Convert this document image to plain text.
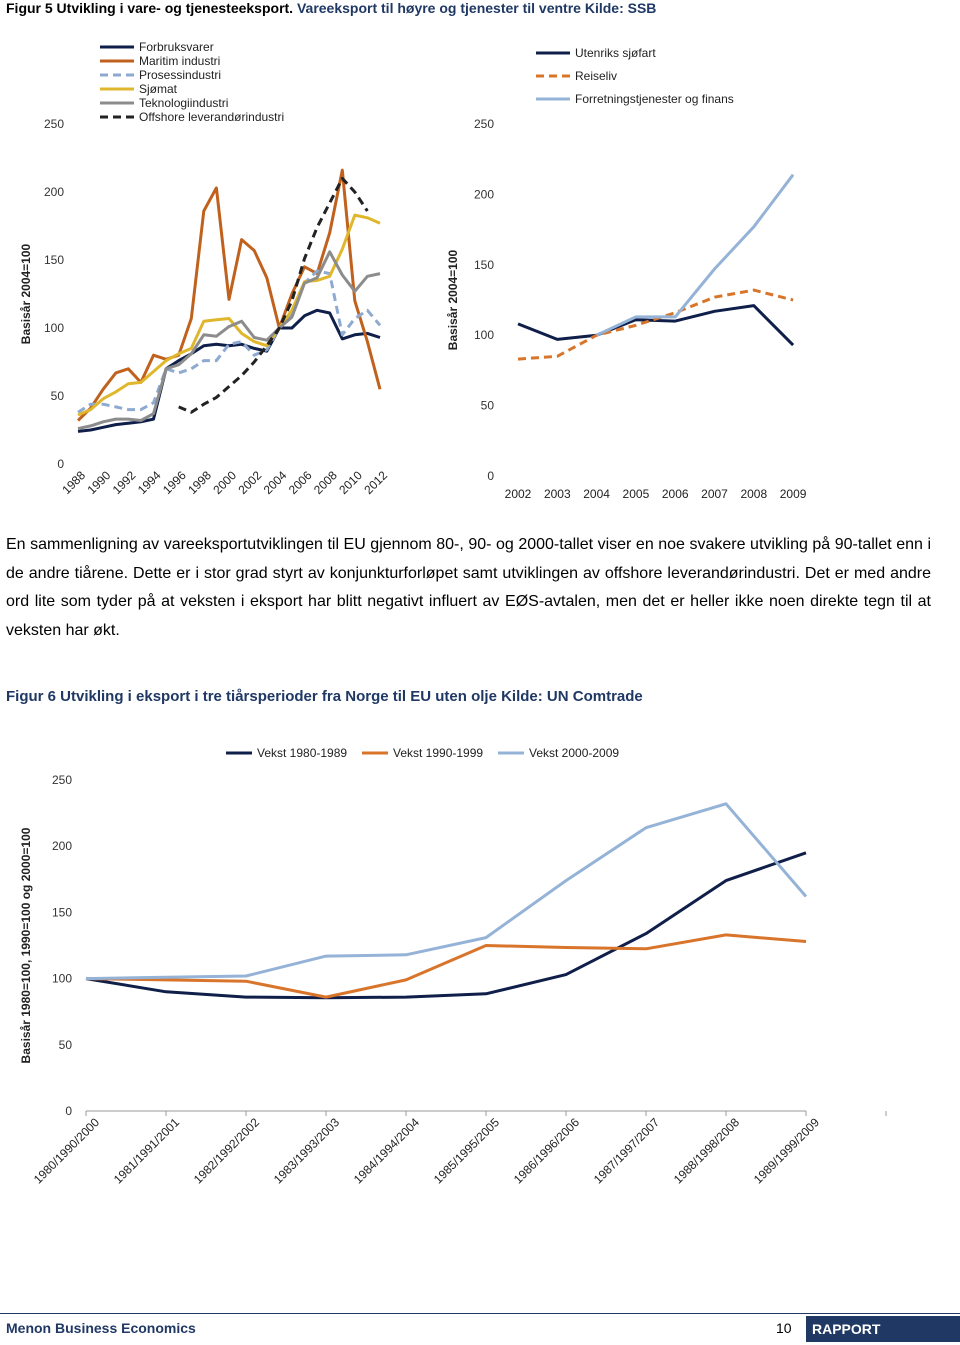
Figur 5 Utvikling i vare- og tjenesteeksport. Vareeksport til høyre og tjenester til ventre Kilde: SSB
0
50
100
150
200
250
Basisår 2004=100
1988
1990
1992
1994
1996
1998
2000
2002
2004
2006
2008
2010
2012
Forbruksvarer
Maritim industri
Prosessindustri
Sjømat
Teknologiindustri
Offshore leverandørindustri
0
50
100
150
200
250
Basisår 2004=100
2002 2003 2004 2005 2006 2007 2008 2009
Utenriks sjøfart
Reiseliv
Forretningstjenester og finans
En sammenligning av vareeksportutviklingen til EU gjennom 80-, 90- og 2000-tallet viser en noe svakere utvikling på 90-tallet enn i de andre tiårene. Dette er i stor grad styrt av konjunkturforløpet samt utviklingen av offshore leverandørindustri. Det er med andre ord lite som tyder på at veksten i eksport har blitt negativt influert av EØS-avtalen, men det er heller ikke noen direkte tegn til at veksten har økt.
Figur 6 Utvikling i eksport i tre tiårsperioder fra Norge til EU uten olje Kilde: UN Comtrade
0
50
100
150
200
250
Basisår 1980=100, 1990=100 og 2000=100
1980/1990/2000 1981/1991/2001 1982/1992/2002 1983/1993/2003 1984/1994/2004 1985/1995/2005 1986/1996/2006 1987/1997/2007 1988/1998/2008 1989/1999/2009
Vekst 1980-1989	Vekst 1990-1999	Vekst 2000-2009
Menon Business Economics	10	RAPPORT
